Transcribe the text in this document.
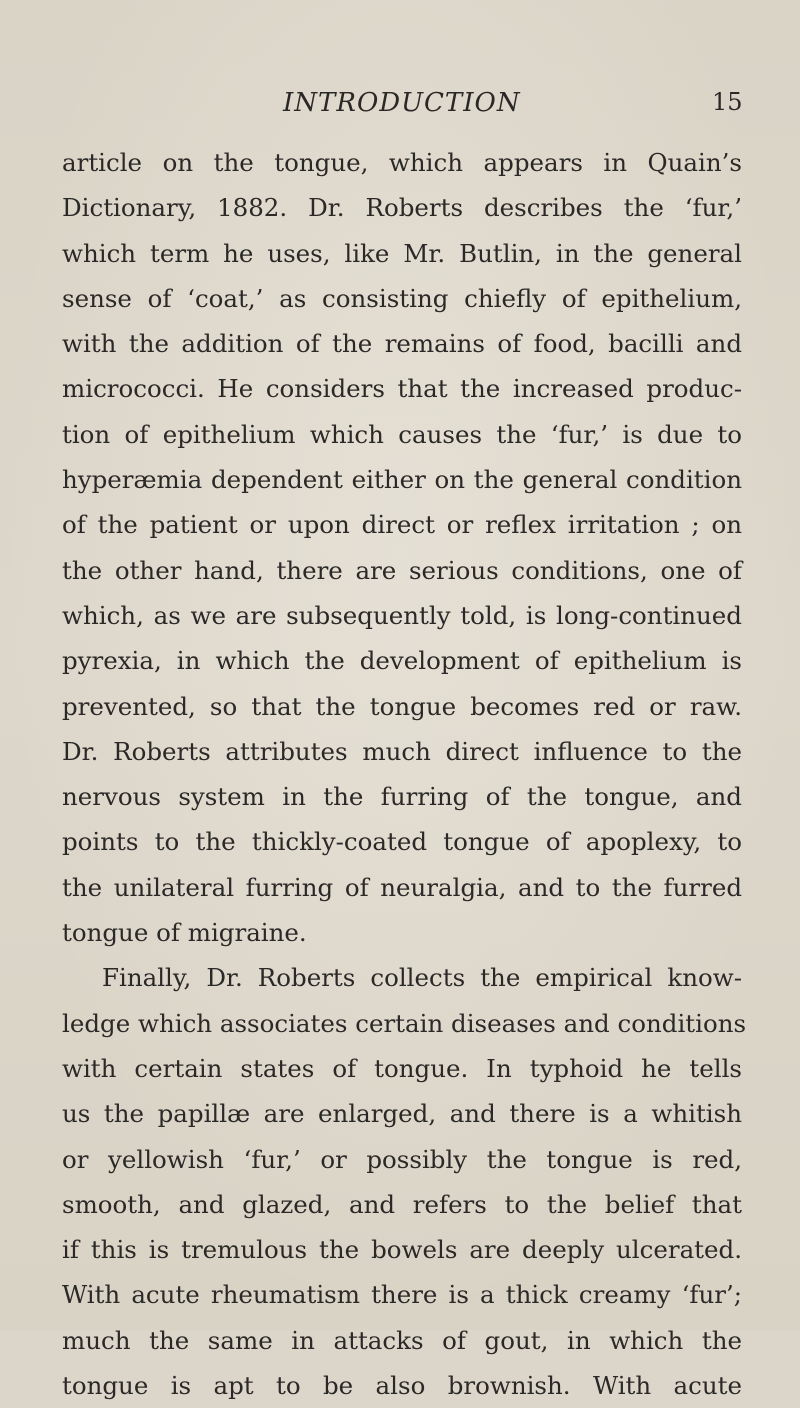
INTRODUCTION	15
article on the tongue, which appears in Quain’s
Dictionary, 1882. Dr. Roberts describes the ‘fur,’
which term he uses, like Mr. Butlin, in the general
sense of ‘coat,’ as consisting chiefly of epithelium,
with the addition of the remains of food, bacilli and
micrococci. He considers that the increased produc-
tion of epithelium which causes the ‘fur,’ is due to
hyperæmia dependent either on the general condition
of the patient or upon direct or reflex irritation ; on
the other hand, there are serious conditions, one of
which, as we are subsequently told, is long-continued
pyrexia, in which the development of epithelium is
prevented, so that the tongue becomes red or raw.
Dr. Roberts attributes much direct influence to the
nervous system in the furring of the tongue, and
points to the thickly-coated tongue of apoplexy, to
the unilateral furring of neuralgia, and to the furred
tongue of migraine.
Finally, Dr. Roberts collects the empirical know-
ledge which associates certain diseases and conditions
with certain states of tongue. In typhoid he tells
us the papillæ are enlarged, and there is a whitish
or yellowish ‘fur,’ or possibly the tongue is red,
smooth, and glazed, and refers to the belief that
if this is tremulous the bowels are deeply ulcerated.
With acute rheumatism there is a thick creamy ‘fur’;
much the same in attacks of gout, in which the
tongue is apt to be also brownish. With acute
